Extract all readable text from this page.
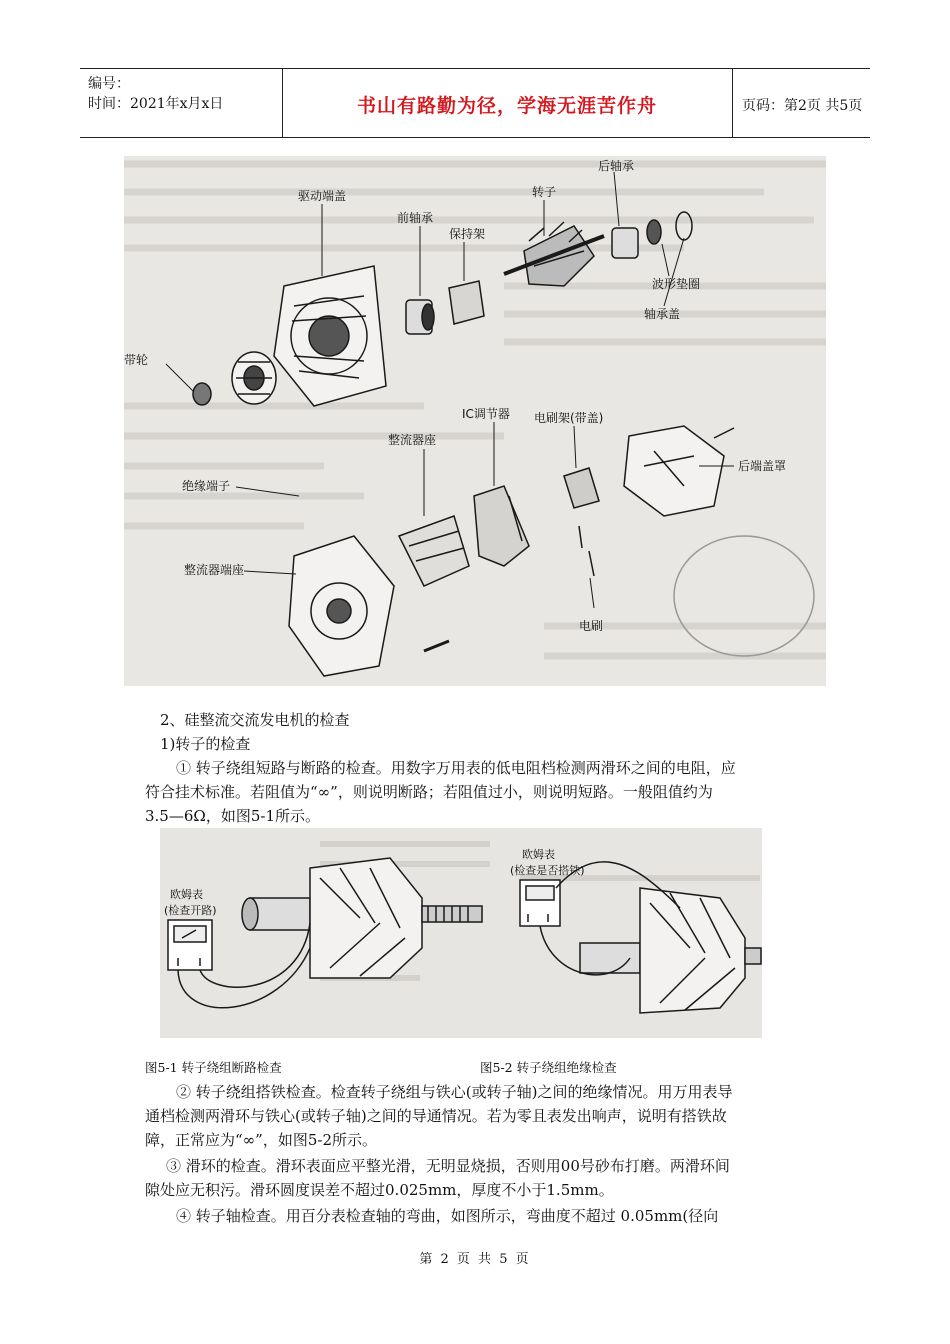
编号：
时间：2021年x月x日	书山有路勤为径，学海无涯苦作舟	页码：第2页 共5页
驱动端盖
前轴承
保持架
转子
后轴承
波形垫圈
轴承盖
带轮
IC调节器 电刷架(带盖)
后端盖罩
整流器座
绝缘端子
整流器端座
电刷
2、硅整流交流发电机的检查
1)转子的检查
① 转子绕组短路与断路的检查。用数字万用表的低电阻档检测两滑环之间的电阻，应
符合挂术标准。若阻值为“∞”，则说明断路；若阻值过小，则说明短路。一般阻值约为
3.5—6Ω，如图5-1所示。
欧姆表
(检查开路)
欧姆表
(检查是否搭铁)
图5-1 转子绕组断路检查	图5-2 转子绕组绝缘检查
② 转子绕组搭铁检查。检查转子绕组与铁心(或转子轴)之间的绝缘情况。用万用表导
通档检测两滑环与铁心(或转子轴)之间的导通情况。若为零且表发出响声，说明有搭铁故
障，正常应为“∞”，如图5-2所示。
③ 滑环的检查。滑环表面应平整光滑，无明显烧损，否则用00号砂布打磨。两滑环间
隙处应无积污。滑环圆度误差不超过0.025mm，厚度不小于1.5mm。
④ 转子轴检查。用百分表检查轴的弯曲，如图所示，弯曲度不超过 0.05mm(径向
第 2 页 共 5 页
